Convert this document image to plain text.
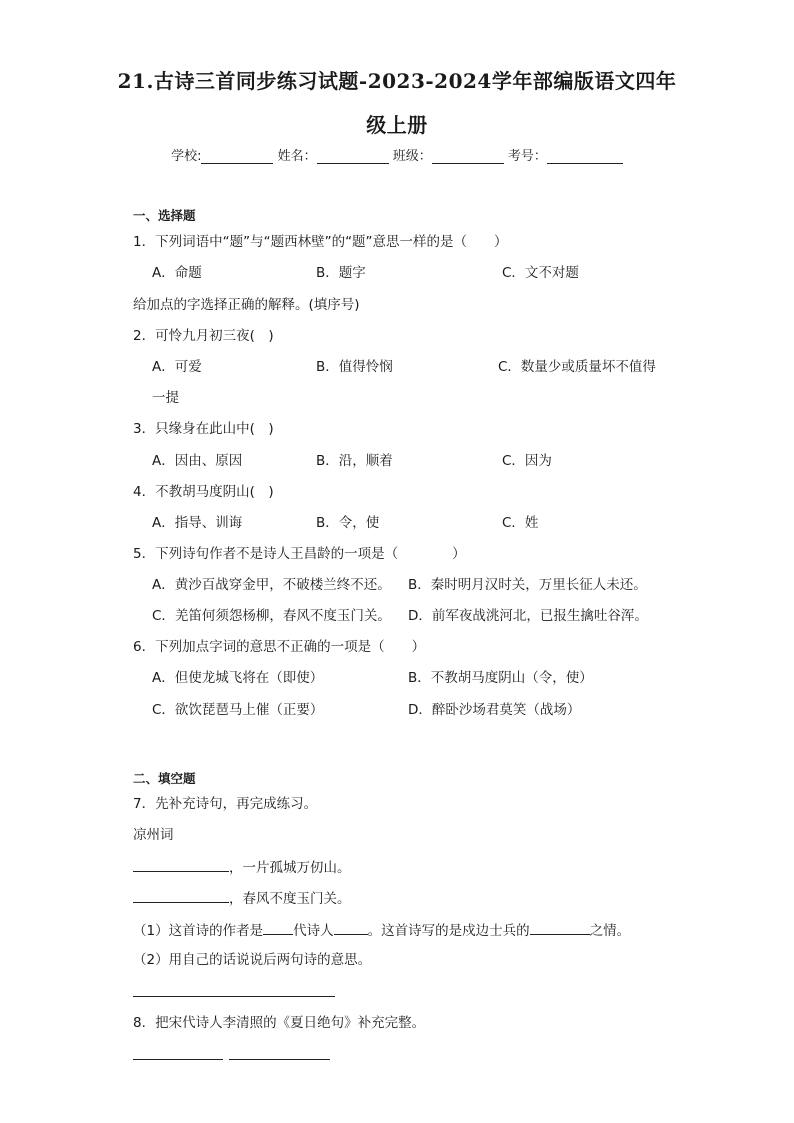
21.古诗三首同步练习试题-2023-2024学年部编版语文四年
级上册
学校:	姓名：	班级：	考号：
一、选择题
1．下列词语中“题”与“题西林壁”的“题”意思一样的是（　　）
A．命题	B．题字	C．文不对题
给加点的字选择正确的解释。(填序号)
2．可怜九月初三夜(　)
A．可爱	B．值得怜悯	C．数量少或质量坏不值得
一提
3．只缘身在此山中(　)
A．因由、原因	B．沿，顺着	C．因为
4．不教胡马度阴山(　)
A．指导、训诲	B．令，使	C．姓
5．下列诗句作者不是诗人王昌龄的一项是（　　　　）
A．黄沙百战穿金甲，不破楼兰终不还。 B．秦时明月汉时关，万里长征人未还。
C．羌笛何须怨杨柳，春风不度玉门关。 D．前军夜战洮河北，已报生擒吐谷浑。
6．下列加点字词的意思不正确的一项是（　　）
A．但使龙城飞将在（即使）	B．不教胡马度阴山（令，使）
C．欲饮琵琶马上催（正要）	D．醉卧沙场君莫笑（战场）
二、填空题
7．先补充诗句，再完成练习。
凉州词
，一片孤城万仞山。
，春风不度玉门关。
（1）这首诗的作者是 代诗人	。这首诗写的是戍边士兵的	之情。
（2）用自己的话说说后两句诗的意思。
8．把宋代诗人李清照的《夏日绝句》补充完整。
